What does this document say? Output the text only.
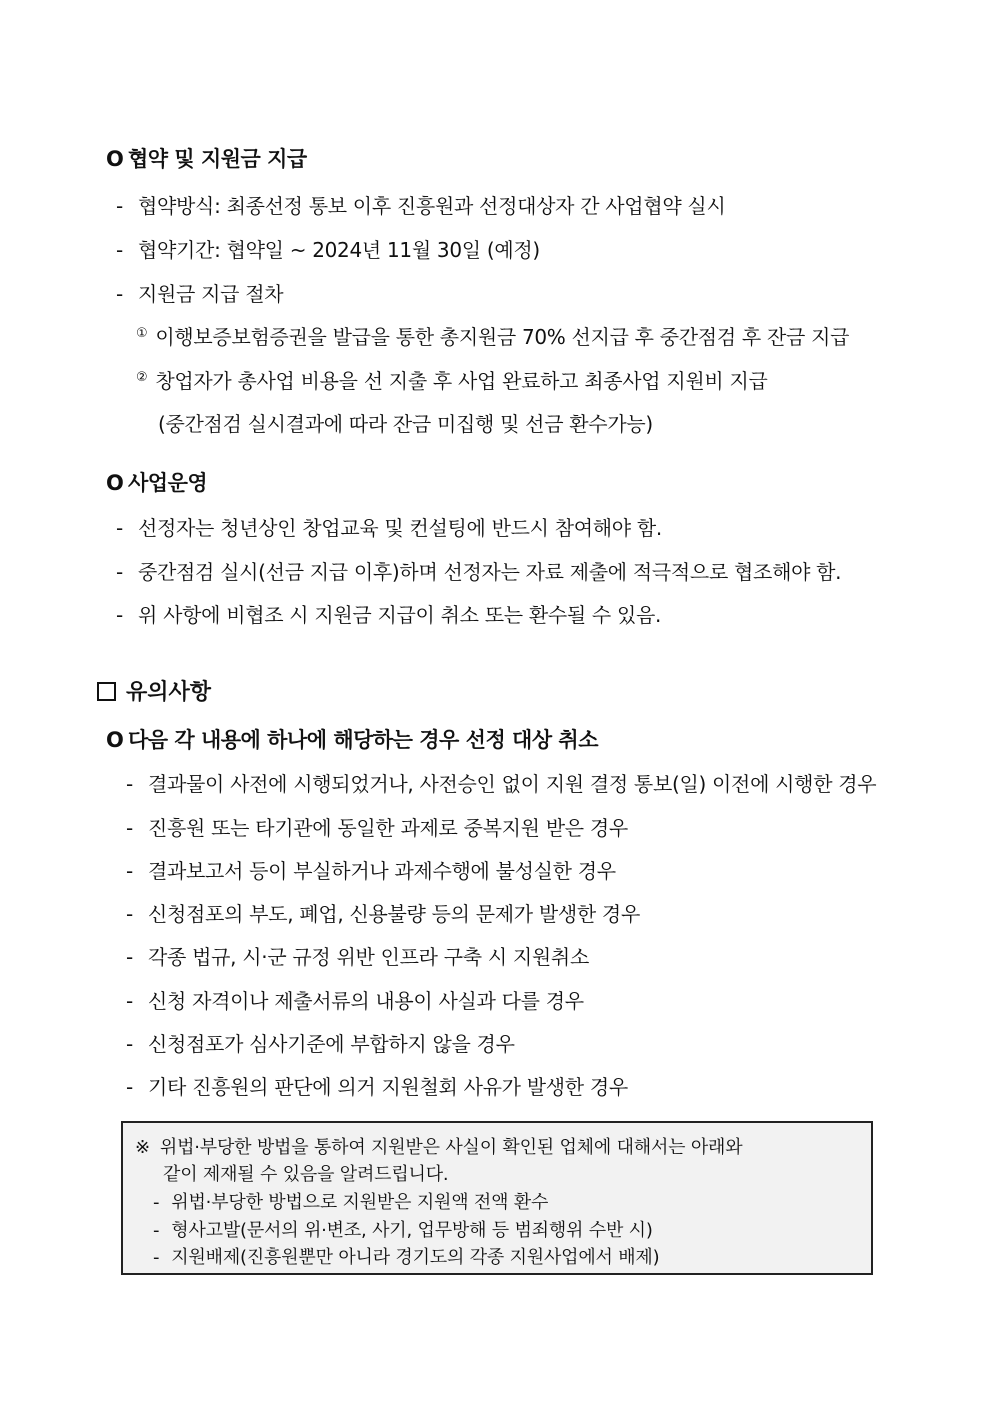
O 협약 및 지원금 지급
- 협약방식: 최종선정 통보 이후 진흥원과 선정대상자 간 사업협약 실시
- 협약기간: 협약일 ~ 2024년 11월 30일 (예정)
- 지원금 지급 절차
① 이행보증보험증권을 발급을 통한 총지원금 70% 선지급 후 중간점검 후 잔금 지급
② 창업자가 총사업 비용을 선 지출 후 사업 완료하고 최종사업 지원비 지급
(중간점검 실시결과에 따라 잔금 미집행 및 선금 환수가능)
O 사업운영
- 선정자는 청년상인 창업교육 및 컨설팅에 반드시 참여해야 함.
- 중간점검 실시(선금 지급 이후)하며 선정자는 자료 제출에 적극적으로 협조해야 함.
- 위 사항에 비협조 시 지원금 지급이 취소 또는 환수될 수 있음.
유의사항
O 다음 각 내용에 하나에 해당하는 경우 선정 대상 취소
- 결과물이 사전에 시행되었거나, 사전승인 없이 지원 결정 통보(일) 이전에 시행한 경우
- 진흥원 또는 타기관에 동일한 과제로 중복지원 받은 경우
- 결과보고서 등이 부실하거나 과제수행에 불성실한 경우
- 신청점포의 부도, 폐업, 신용불량 등의 문제가 발생한 경우
- 각종 법규, 시·군 규정 위반 인프라 구축 시 지원취소
- 신청 자격이나 제출서류의 내용이 사실과 다를 경우
- 신청점포가 심사기준에 부합하지 않을 경우
- 기타 진흥원의 판단에 의거 지원철회 사유가 발생한 경우
※ 위법·부당한 방법을 통하여 지원받은 사실이 확인된 업체에 대해서는 아래와
같이 제재될 수 있음을 알려드립니다.
- 위법·부당한 방법으로 지원받은 지원액 전액 환수
- 형사고발(문서의 위·변조, 사기, 업무방해 등 범죄행위 수반 시)
- 지원배제(진흥원뿐만 아니라 경기도의 각종 지원사업에서 배제)
